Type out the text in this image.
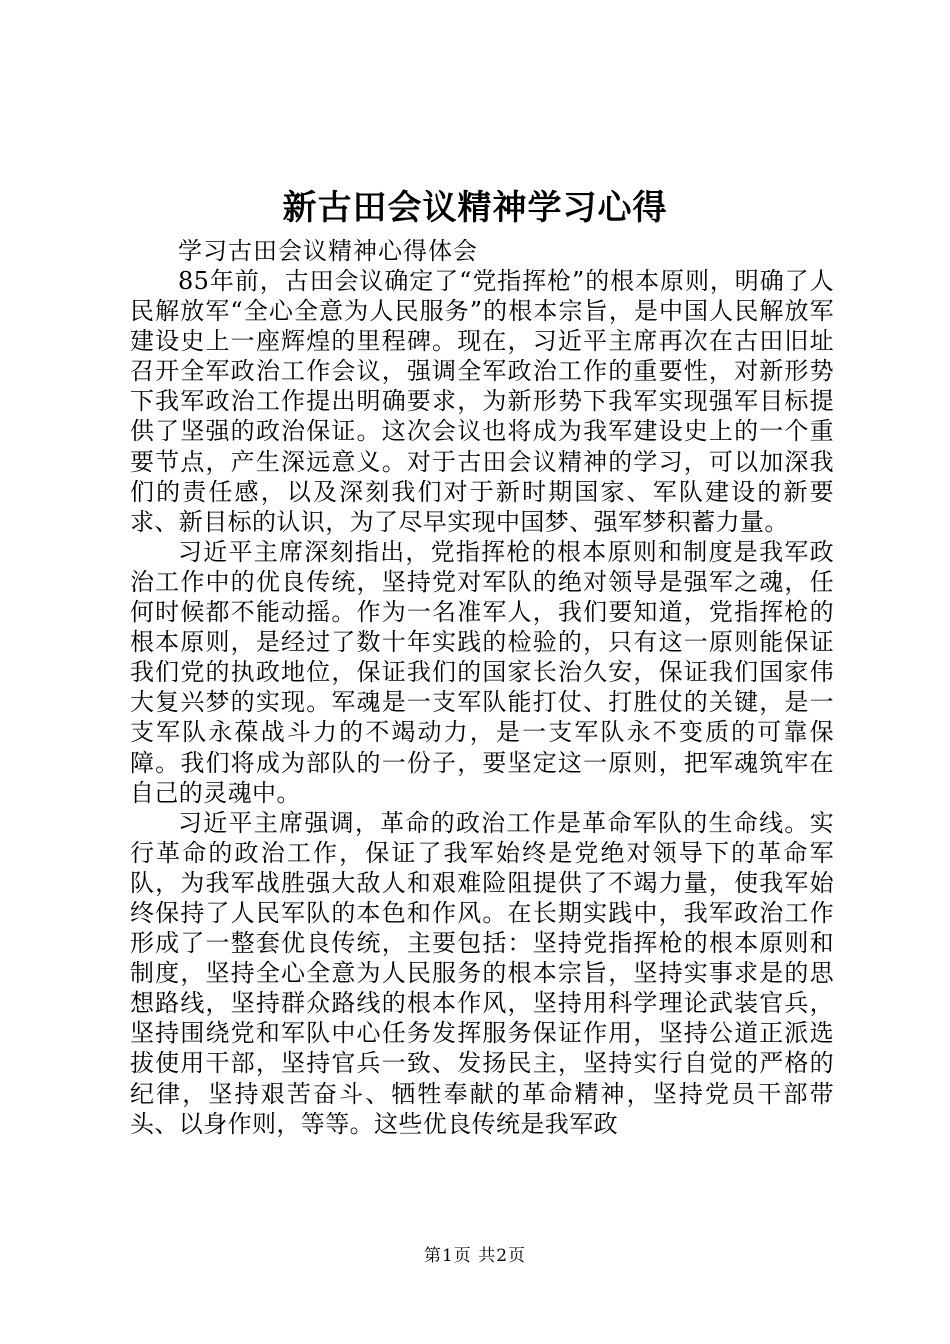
新古田会议精神学习心得

学习古田会议精神心得体会

85年前，古田会议确定了“党指挥枪”的根本原则，明确了人民解放军“全心全意为人民服务”的根本宗旨，是中国人民解放军建设史上一座辉煌的里程碑。现在，习近平主席再次在古田旧址召开全军政治工作会议，强调全军政治工作的重要性，对新形势下我军政治工作提出明确要求，为新形势下我军实现强军目标提供了坚强的政治保证。这次会议也将成为我军建设史上的一个重要节点，产生深远意义。对于古田会议精神的学习，可以加深我们的责任感，以及深刻我们对于新时期国家、军队建设的新要求、新目标的认识，为了尽早实现中国梦、强军梦积蓄力量。

习近平主席深刻指出，党指挥枪的根本原则和制度是我军政治工作中的优良传统，坚持党对军队的绝对领导是强军之魂，任何时候都不能动摇。作为一名准军人，我们要知道，党指挥枪的根本原则，是经过了数十年实践的检验的，只有这一原则能保证我们党的执政地位，保证我们的国家长治久安，保证我们国家伟大复兴梦的实现。军魂是一支军队能打仗、打胜仗的关键，是一支军队永葆战斗力的不竭动力，是一支军队永不变质的可靠保障。我们将成为部队的一份子，要坚定这一原则，把军魂筑牢在自己的灵魂中。

习近平主席强调，革命的政治工作是革命军队的生命线。实行革命的政治工作，保证了我军始终是党绝对领导下的革命军队，为我军战胜强大敌人和艰难险阻提供了不竭力量，使我军始终保持了人民军队的本色和作风。在长期实践中，我军政治工作形成了一整套优良传统，主要包括：坚持党指挥枪的根本原则和制度，坚持全心全意为人民服务的根本宗旨，坚持实事求是的思想路线，坚持群众路线的根本作风，坚持用科学理论武装官兵，坚持围绕党和军队中心任务发挥服务保证作用，坚持公道正派选拔使用干部，坚持官兵一致、发扬民主，坚持实行自觉的严格的纪律，坚持艰苦奋斗、牺牲奉献的革命精神，坚持党员干部带头、以身作则，等等。这些优良传统是我军政

第1页 共2页
